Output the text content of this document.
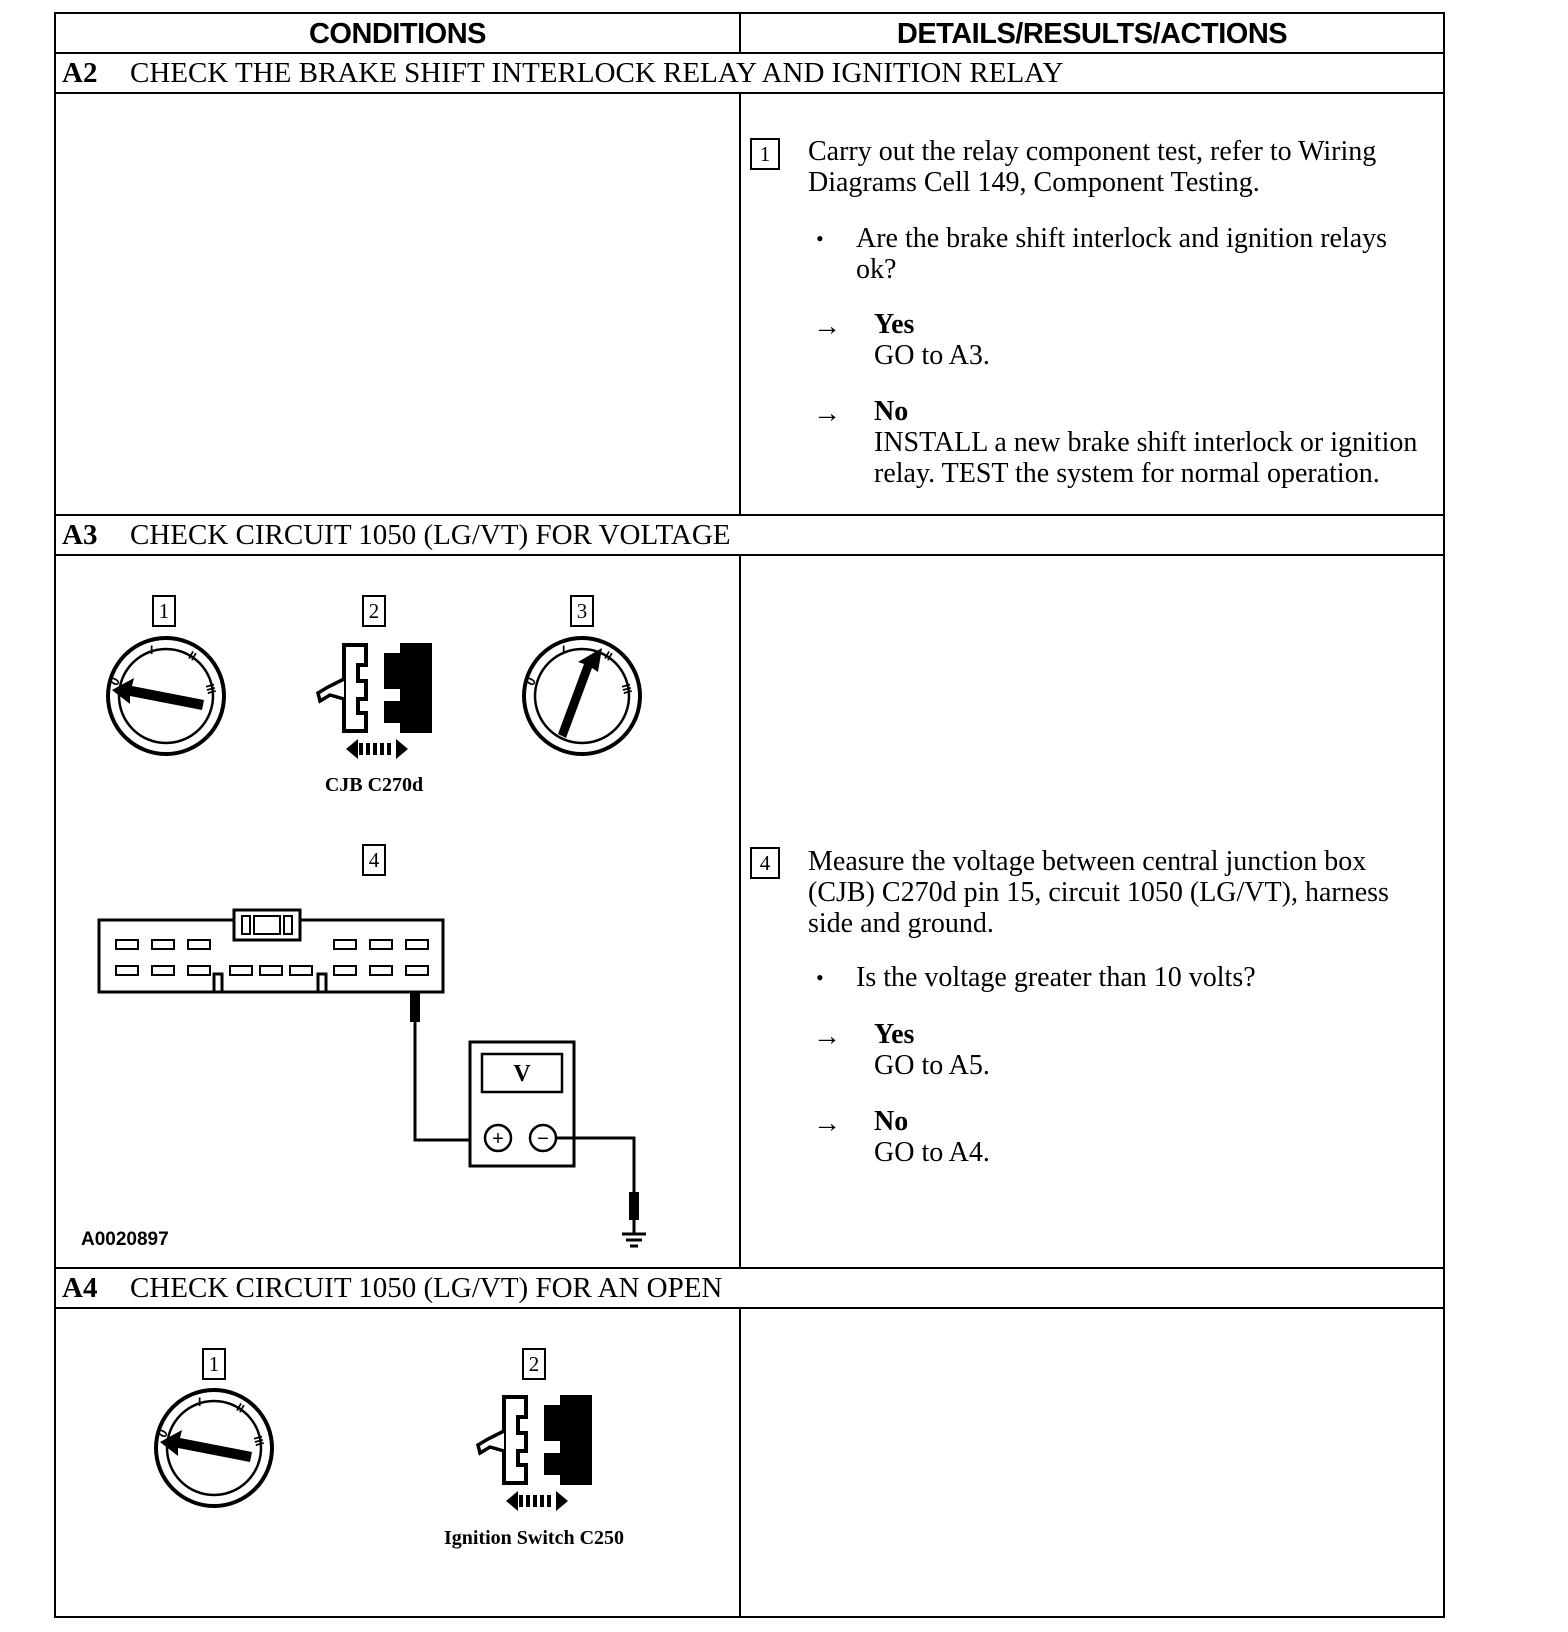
CONDITIONS	DETAILS/RESULTS/ACTIONS
A2 CHECK THE BRAKE SHIFT INTERLOCK RELAY AND IGNITION RELAY
1	Carry out the relay component test, refer to Wiring Diagrams Cell 149, Component Testing.
• Are the brake shift interlock and ignition relays ok?
→ Yes
GO to A3.
→ No
INSTALL a new brake shift interlock or ignition relay. TEST the system for normal operation.
A3 CHECK CIRCUIT 1050 (LG/VT) FOR VOLTAGE
1	2	3
4
0
I	II
III
CJB C270d
0
I	II
III
V
+ −
A0020897
4	Measure the voltage between central junction box (CJB) C270d pin 15, circuit 1050 (LG/VT), harness side and ground.
• Is the voltage greater than 10 volts?
→ Yes
GO to A5.
→ No
GO to A4.
A4 CHECK CIRCUIT 1050 (LG/VT) FOR AN OPEN
1	2
0
I	II
III
Ignition Switch C250
